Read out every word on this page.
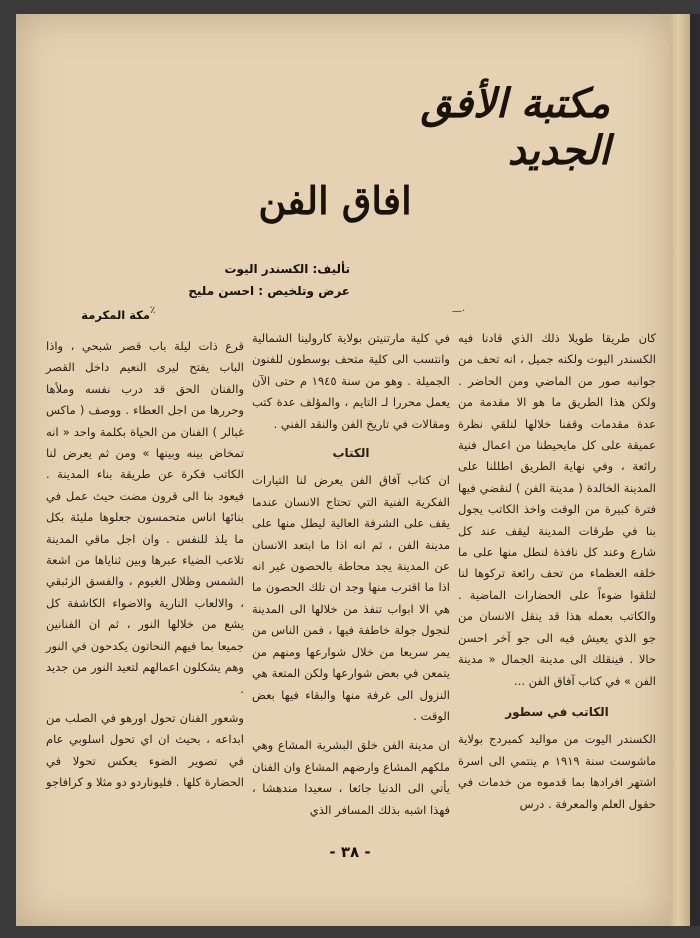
مكتبة الأفق الجديد
افاق الفن
تأليف: الكسندر اليوت
عرض وتلخيص : احسن مليح
مكة المكرمة ٪	—·

كان طريقا طويلا ذلك الذي قادنا فيه الكسندر اليوت ولكنه جميل ، انه تحف من جوانبه صور من الماضي ومن الحاضر . ولكن هذا الطريق ما هو الا مقدمة من عدة مقدمات وقفنا خلالها لنلقي نظرة عميقة على كل مايحيطنا من اعمال فنية رائعة ، وفي نهاية الطريق اطللنا على المدينة الخالدة ( مدينة الفن ) لنقضي فيها فترة كبيرة من الوقت واخذ الكاتب يجول بنا في طرقات المدينة ليقف عند كل شارع وعند كل نافذة لنطل منها على ما خلقه العظماء من تحف رائعة تركوها لنا لتلقوا ضوءاً على الحضارات الماضية . والكاتب بعمله هذا قد ينقل الانسان من جو الذي يعيش فيه الى جو آخر احسن حالا . فينقلك الى مدينة الجمال « مدينة الفن » في كتاب آفاق الفن ...

الكاتب في سطور

الكسندر اليوت من مواليد كمبردج بولاية ماشوست سنة ١٩١٩ م ينتمي الى اسرة اشتهر افرادها بما قدموه من خدمات في حقول العلم والمعرفة . درس

في كلية مارتنيتن بولاية كارولينا الشمالية وانتسب الى كلية متحف بوسطون للفنون الجميلة . وهو من سنة ١٩٤٥ م حتى الآن يعمل محررا لـ التايم ، والمؤلف عدة كتب ومقالات في تاريخ الفن والنقد الفني .

الكتاب

ان كتاب آفاق الفن يعرض لنا التيارات الفكرية الفنية التي تحتاج الانسان عندما يقف على الشرفة العالية ليطل منها على مدينة الفن ، ثم انه اذا ما ابتعد الانسان عن المدينة يجد محاطة بالحصون غير انه اذا ما اقترب منها وجد ان تلك الحصون ما هي الا ابواب تنفذ من خلالها الى المدينة لنجول جولة خاطفة فيها ، فمن الناس من يمر سريعا من خلال شوارعها ومنهم من يتمعن في بعض شوارعها ولكن المتعة هي النزول الى غرفة منها والبقاء فيها بعض الوقت .

ان مدينة الفن خلق البشرية المشاع وهي ملكهم المشاع وارضهم المشاع وان الفنان يأتي الى الدنيا جائعا ، سعيدا مندهشا ، فهذا اشبه بذلك المسافر الذي

قرع ذات ليلة باب قصر شبحي ، واذا الباب يفتح ليرى النعيم داخل القصر والفنان الحق قد درب نفسه وملأها وحررها من اجل العطاء . ووصف ( ماكس غبالر ) الفنان من الحياة بكلمة واحد « انه تمخاض بينه وبينها » ومن ثم يعرض لنا الكاتب فكرة عن طريقة بناء المدينة . فيعود بنا الى قرون مضت حيث عمل في بنائها اناس متحمسون جعلوها مليئة بكل ما يلذ للنفس . وان اجل ماقي المدينة تلاعب الضياء عبرها وبين ثناياها من اشعة الشمس وظلال الغيوم ، والفسق الزئبقي ، والالعاب النارية والاضواء الكاشفة كل يشع من خلالها النور ، ثم ان الفنانين جميعا بما فيهم النحاتون يكدحون في النور وهم يشكلون اعمالهم لتعيد النور من جديد .

وشعور الفنان تحول اورهو في الصلب من ابداعه ، بحيث ان اي تحول اسلوبي عام في تصوير الضوء يعكس تحولا في الحضارة كلها . فليوناردو دو مثلا و كرافاجو

- ٣٨ -
